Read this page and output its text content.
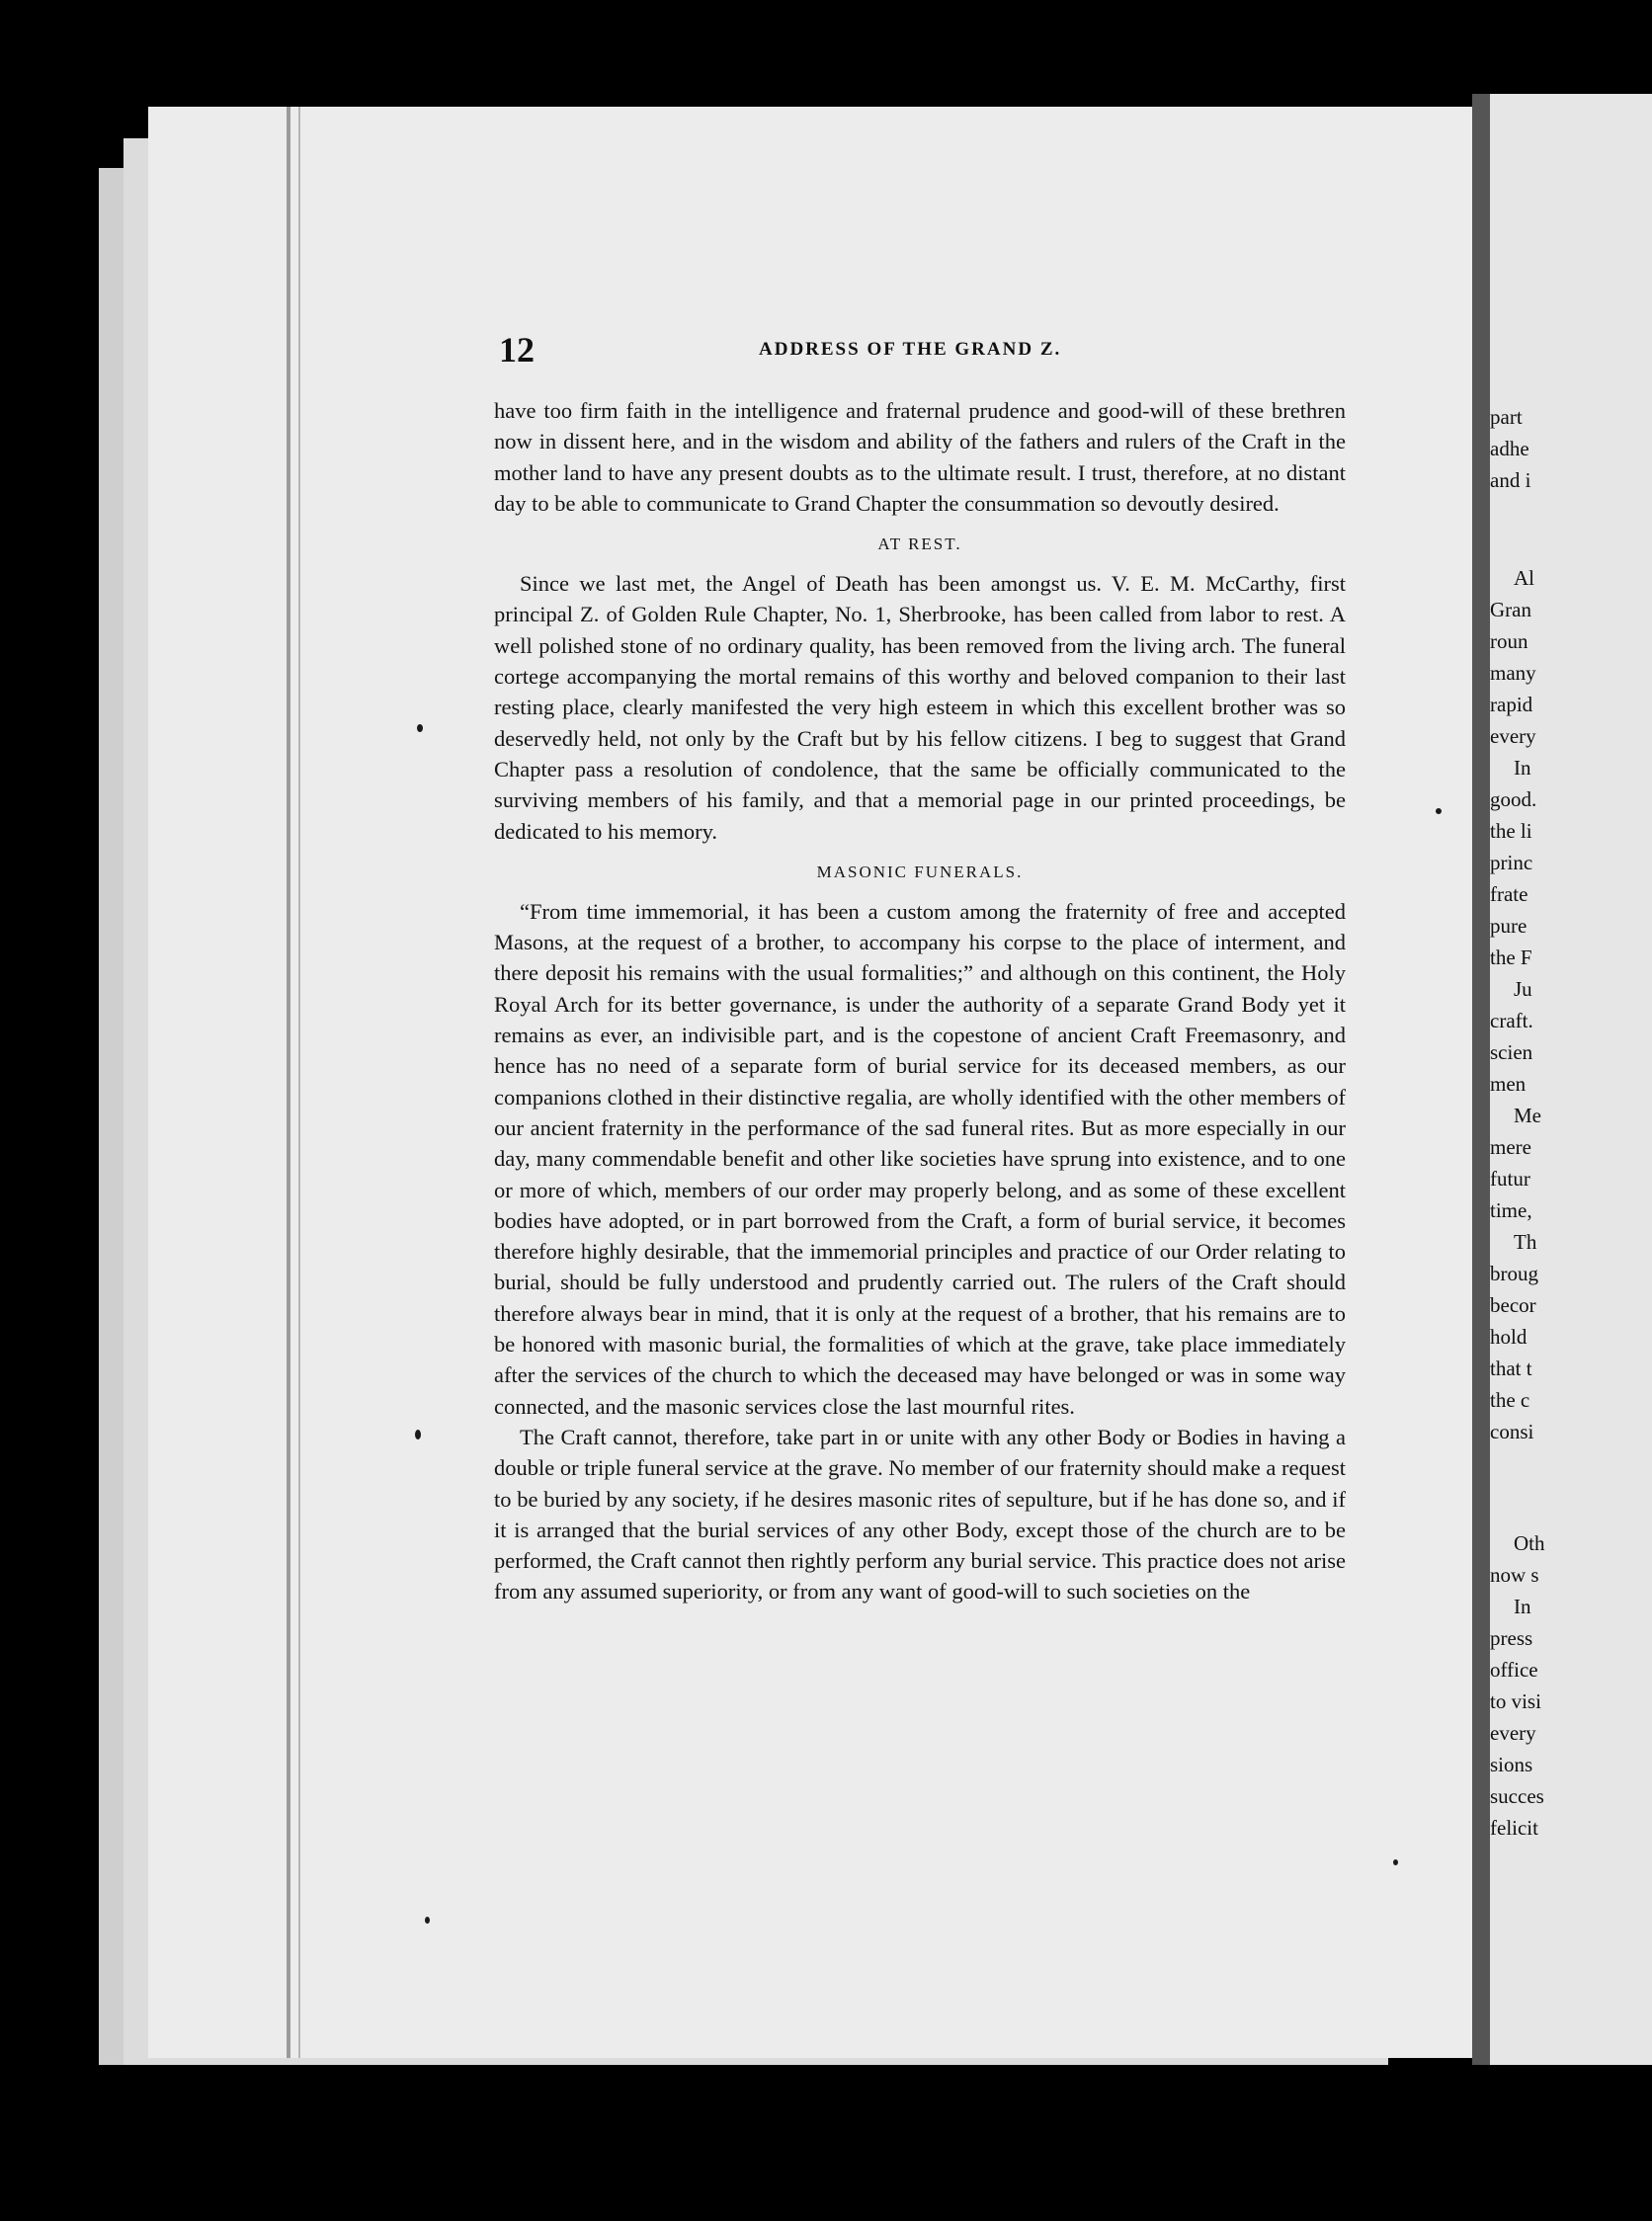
part
adhe
and i
Al
Gran
roun
many
rapid
every
In
good.
the li
princ
frate
pure
the F
Ju
craft.
scien
men
Me
mere
futur
time,
Th
broug
becor
hold
that t
the c
consi
Oth
now s
In
press
office
to visi
every
sions
succes
felicit
12	ADDRESS OF THE GRAND Z.

have too firm faith in the intelligence and fraternal prudence and good-will of these brethren now in dissent here, and in the wisdom and ability of the fathers and rulers of the Craft in the mother land to have any present doubts as to the ultimate result. I trust, therefore, at no distant day to be able to communicate to Grand Chapter the consummation so devoutly desired.

AT REST.

Since we last met, the Angel of Death has been amongst us. V. E. M. McCarthy, first principal Z. of Golden Rule Chapter, No. 1, Sherbrooke, has been called from labor to rest. A well polished stone of no ordinary quality, has been removed from the living arch. The funeral cortege accompanying the mortal remains of this worthy and beloved companion to their last resting place, clearly manifested the very high esteem in which this excellent brother was so deservedly held, not only by the Craft but by his fellow citizens. I beg to suggest that Grand Chapter pass a resolution of condolence, that the same be officially communicated to the surviving members of his family, and that a memorial page in our printed proceedings, be dedicated to his memory.

MASONIC FUNERALS.

“From time immemorial, it has been a custom among the fraternity of free and accepted Masons, at the request of a brother, to accompany his corpse to the place of interment, and there deposit his remains with the usual formalities;” and although on this continent, the Holy Royal Arch for its better governance, is under the authority of a separate Grand Body yet it remains as ever, an indivisible part, and is the copestone of ancient Craft Freemasonry, and hence has no need of a separate form of burial service for its deceased members, as our companions clothed in their distinctive regalia, are wholly identified with the other members of our ancient fraternity in the performance of the sad funeral rites. But as more especially in our day, many commendable benefit and other like societies have sprung into existence, and to one or more of which, members of our order may properly belong, and as some of these excellent bodies have adopted, or in part borrowed from the Craft, a form of burial service, it becomes therefore highly desirable, that the immemorial principles and practice of our Order relating to burial, should be fully understood and prudently carried out. The rulers of the Craft should therefore always bear in mind, that it is only at the request of a brother, that his remains are to be honored with masonic burial, the formalities of which at the grave, take place immediately after the services of the church to which the deceased may have belonged or was in some way connected, and the masonic services close the last mournful rites.

The Craft cannot, therefore, take part in or unite with any other Body or Bodies in having a double or triple funeral service at the grave. No member of our fraternity should make a request to be buried by any society, if he desires masonic rites of sepulture, but if he has done so, and if it is arranged that the burial services of any other Body, except those of the church are to be performed, the Craft cannot then rightly perform any burial service. This practice does not arise from any assumed superiority, or from any want of good-will to such societies on the
